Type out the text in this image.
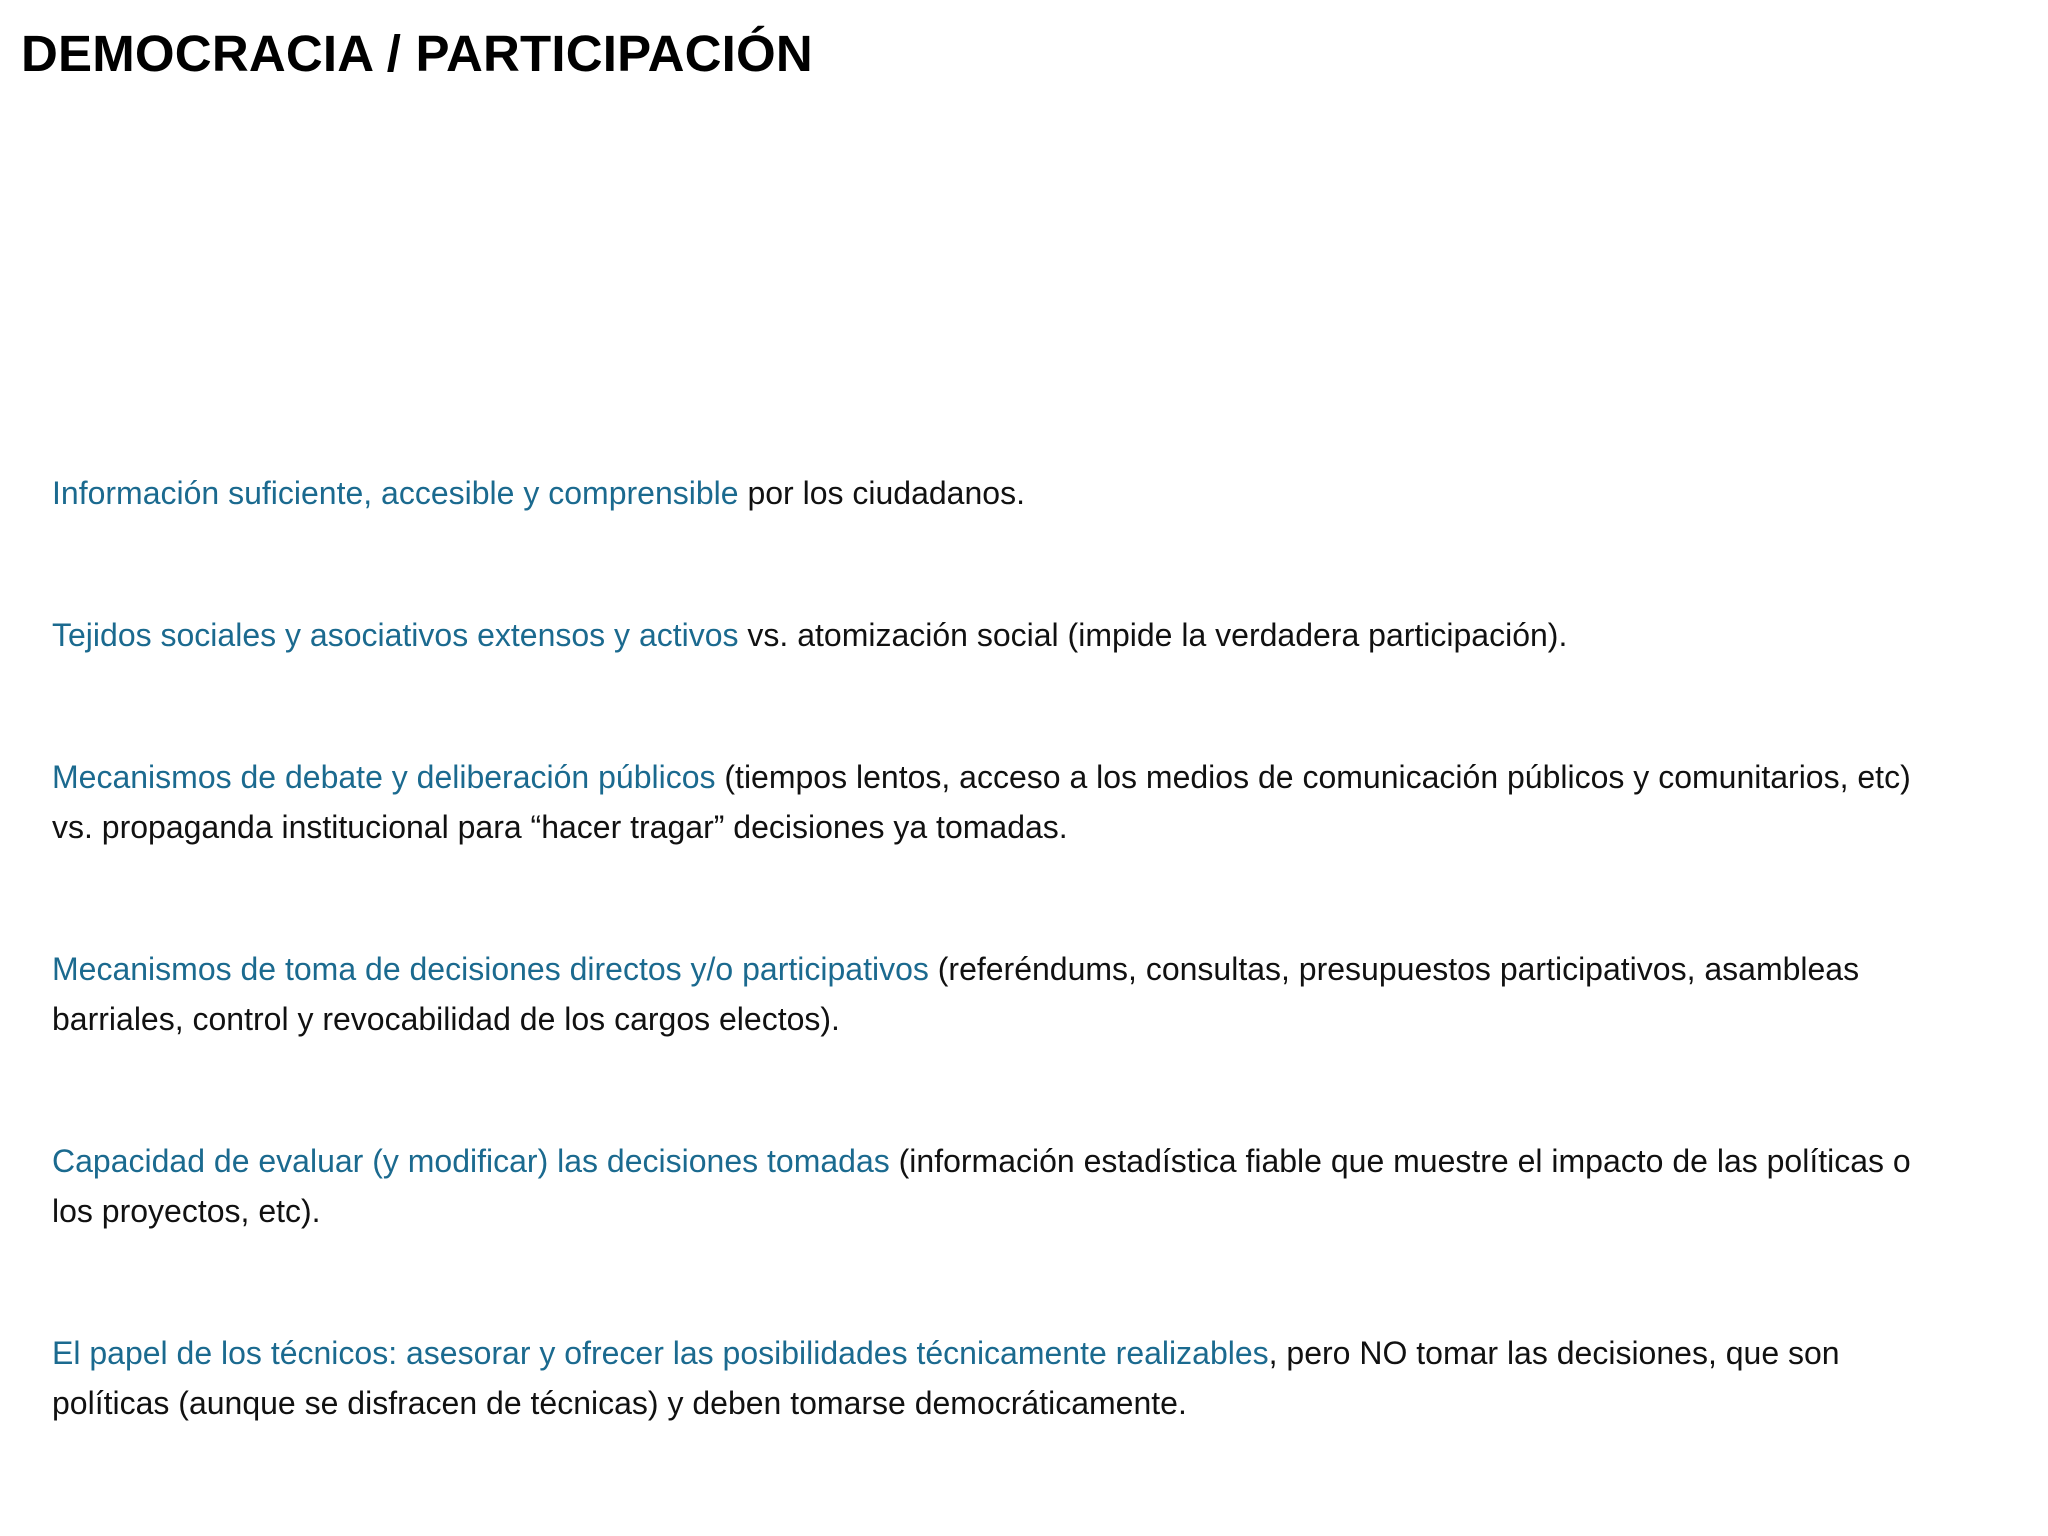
DEMOCRACIA / PARTICIPACIÓN

Información suficiente, accesible y comprensible por los ciudadanos.

Tejidos sociales y asociativos extensos y activos vs. atomización social (impide la verdadera participación).

Mecanismos de debate y deliberación públicos (tiempos lentos, acceso a los medios de comunicación públicos y comunitarios, etc) vs. propaganda institucional para “hacer tragar” decisiones ya tomadas.

Mecanismos de toma de decisiones directos y/o participativos (referéndums, consultas, presupuestos participativos, asambleas barriales, control y revocabilidad de los cargos electos).

Capacidad de evaluar (y modificar) las decisiones tomadas (información estadística fiable que muestre el impacto de las políticas o los proyectos, etc).

El papel de los técnicos: asesorar y ofrecer las posibilidades técnicamente realizables, pero NO tomar las decisiones, que son políticas (aunque se disfracen de técnicas) y deben tomarse democráticamente.
